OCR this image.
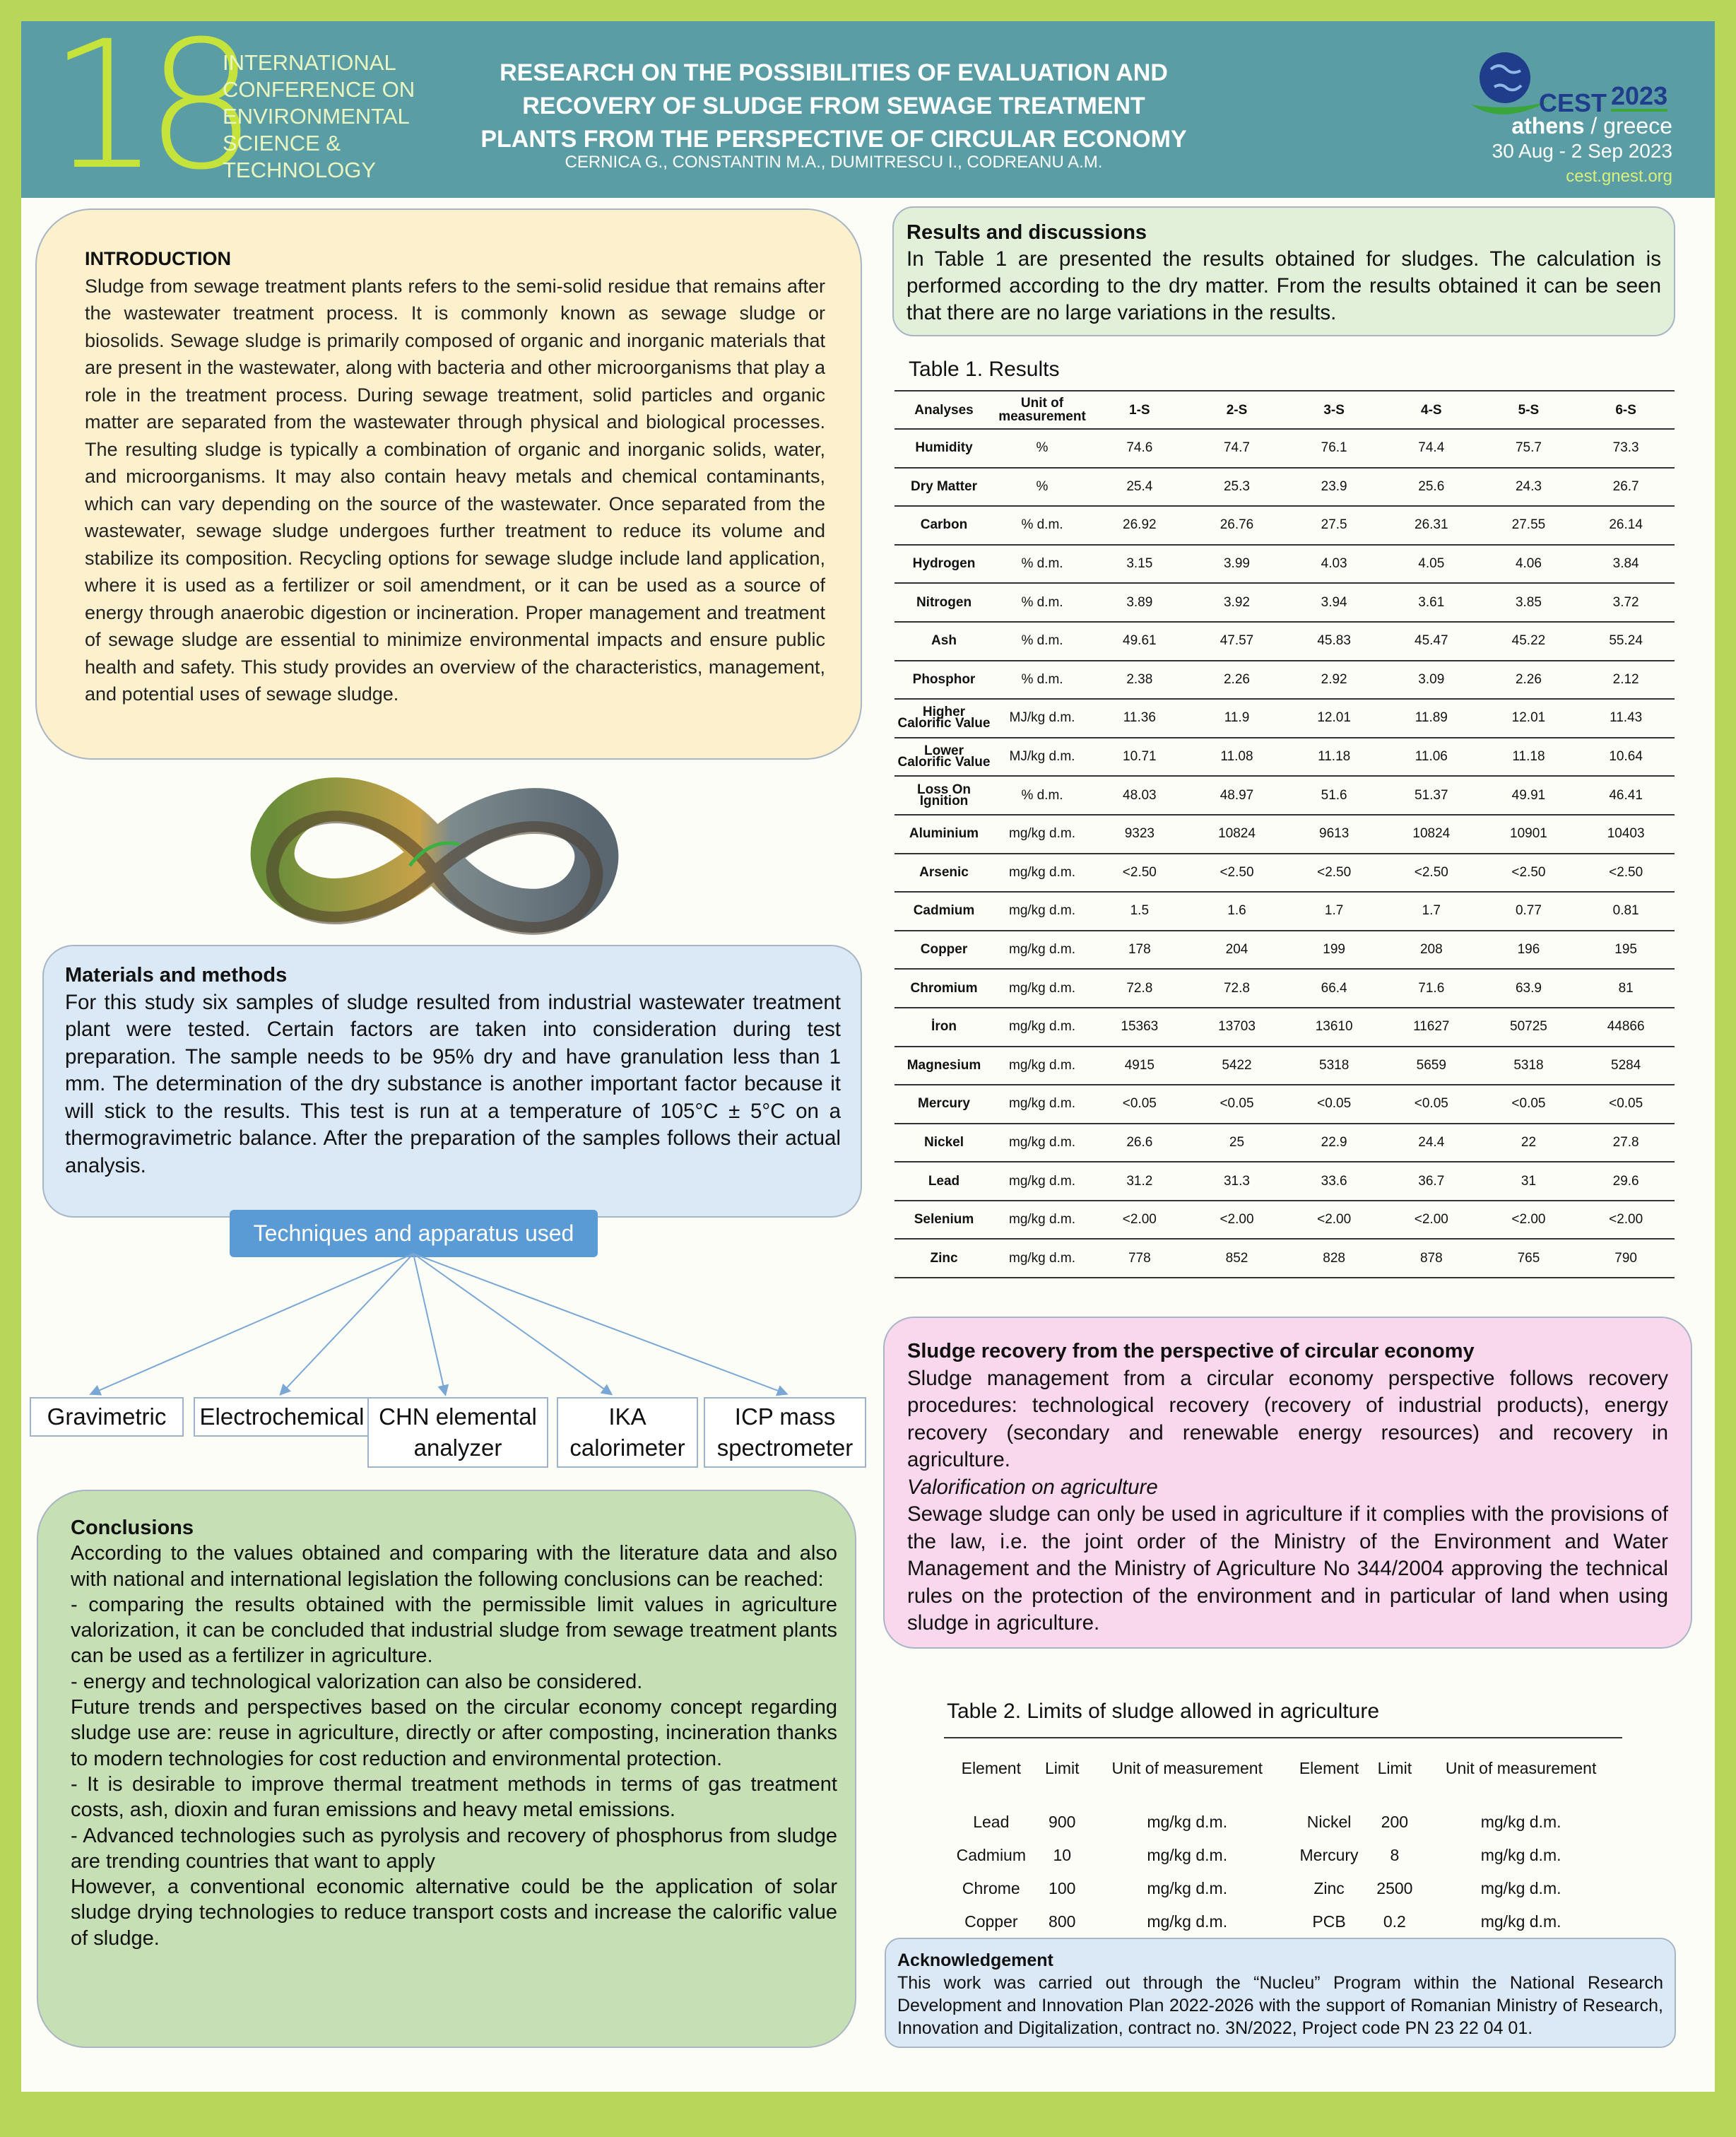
18
INTERNATIONAL
CONFERENCE ON
ENVIRONMENTAL
SCIENCE &
TECHNOLOGY
RESEARCH ON THE POSSIBILITIES OF EVALUATION AND RECOVERY OF SLUDGE FROM SEWAGE TREATMENT PLANTS FROM THE PERSPECTIVE OF CIRCULAR ECONOMY
CERNICA G., CONSTANTIN M.A., DUMITRESCU I., CODREANU A.M.
CEST 2023
athens / greece
30 Aug - 2 Sep 2023
cest.gnest.org
INTRODUCTION

Sludge from sewage treatment plants refers to the semi-solid residue that remains after the wastewater treatment process. It is commonly known as sewage sludge or biosolids. Sewage sludge is primarily composed of organic and inorganic materials that are present in the wastewater, along with bacteria and other microorganisms that play a role in the treatment process. During sewage treatment, solid particles and organic matter are separated from the wastewater through physical and biological processes. The resulting sludge is typically a combination of organic and inorganic solids, water, and microorganisms. It may also contain heavy metals and chemical contaminants, which can vary depending on the source of the wastewater. Once separated from the wastewater, sewage sludge undergoes further treatment to reduce its volume and stabilize its composition. Recycling options for sewage sludge include land application, where it is used as a fertilizer or soil amendment, or it can be used as a source of energy through anaerobic digestion or incineration. Proper management and treatment of sewage sludge are essential to minimize environmental impacts and ensure public health and safety. This study provides an overview of the characteristics, management, and potential uses of sewage sludge.

Materials and methods

For this study six samples of sludge resulted from industrial wastewater treatment plant were tested. Certain factors are taken into consideration during test preparation. The sample needs to be 95% dry and have granulation less than 1 mm. The determination of the dry substance is another important factor because it will stick to the results. This test is run at a temperature of 105°C ± 5°C on a thermogravimetric balance. After the preparation of the samples follows their actual analysis.

Techniques and apparatus used
Gravimetric	Electrochemical CHN elemental analyzer
IKA calorimeter
ICP mass spectrometer
Conclusions

According to the values obtained and comparing with the literature data and also with national and international legislation the following conclusions can be reached:

- comparing the results obtained with the permissible limit values in agriculture valorization, it can be concluded that industrial sludge from sewage treatment plants can be used as a fertilizer in agriculture.

- energy and technological valorization can also be considered.

Future trends and perspectives based on the circular economy concept regarding sludge use are: reuse in agriculture, directly or after composting, incineration thanks to modern technologies for cost reduction and environmental protection.

- It is desirable to improve thermal treatment methods in terms of gas treatment costs, ash, dioxin and furan emissions and heavy metal emissions.

- Advanced technologies such as pyrolysis and recovery of phosphorus from sludge are trending countries that want to apply

However, a conventional economic alternative could be the application of solar sludge drying technologies to reduce transport costs and increase the calorific value of sludge.

Results and discussions

In Table 1 are presented the results obtained for sludges. The calculation is performed according to the dry matter. From the results obtained it can be seen that there are no large variations in the results.

Table 1. Results
Analyses	Unit of measurement	1-S	2-S	3-S	4-S	5-S	6-S
Humidity	%	74.6	74.7	76.1	74.4	75.7	73.3
Dry Matter	%	25.4	25.3	23.9	25.6	24.3	26.7
Carbon	% d.m.	26.92	26.76	27.5	26.31	27.55	26.14
Hydrogen	% d.m.	3.15	3.99	4.03	4.05	4.06	3.84
Nitrogen	% d.m.	3.89	3.92	3.94	3.61	3.85	3.72
Ash	% d.m.	49.61	47.57	45.83	45.47	45.22	55.24
Phosphor	% d.m.	2.38	2.26	2.92	3.09	2.26	2.12
Higher Calorific Value	MJ/kg d.m.	11.36	11.9	12.01	11.89	12.01	11.43
Lower Calorific Value	MJ/kg d.m.	10.71	11.08	11.18	11.06	11.18	10.64
Loss On Ignition	% d.m.	48.03	48.97	51.6	51.37	49.91	46.41
Aluminium	mg/kg d.m.	9323	10824	9613	10824	10901	10403
Arsenic	mg/kg d.m.	<2.50	<2.50	<2.50	<2.50	<2.50	<2.50
Cadmium	mg/kg d.m.	1.5	1.6	1.7	1.7	0.77	0.81
Copper	mg/kg d.m.	178	204	199	208	196	195
Chromium	mg/kg d.m.	72.8	72.8	66.4	71.6	63.9	81
İron	mg/kg d.m.	15363	13703	13610	11627	50725	44866
Magnesium	mg/kg d.m.	4915	5422	5318	5659	5318	5284
Mercury	mg/kg d.m.	<0.05	<0.05	<0.05	<0.05	<0.05	<0.05
Nickel	mg/kg d.m.	26.6	25	22.9	24.4	22	27.8
Lead	mg/kg d.m.	31.2	31.3	33.6	36.7	31	29.6
Selenium	mg/kg d.m.	<2.00	<2.00	<2.00	<2.00	<2.00	<2.00
Zinc	mg/kg d.m.	778	852	828	878	765	790
Sludge recovery from the perspective of circular economy

Sludge management from a circular economy perspective follows recovery procedures: technological recovery (recovery of industrial products), energy recovery (secondary and renewable energy resources) and recovery in agriculture.

Valorification on agriculture

Sewage sludge can only be used in agriculture if it complies with the provisions of the law, i.e. the joint order of the Ministry of the Environment and Water Management and the Ministry of Agriculture No 344/2004 approving the technical rules on the protection of the environment and in particular of land when using sludge in agriculture.

Table 2. Limits of sludge allowed in agriculture
Element	Limit	Unit of measurement	Element	Limit	Unit of measurement
Lead	900	mg/kg d.m.	Nickel	200	mg/kg d.m.
Cadmium	10	mg/kg d.m.	Mercury	8	mg/kg d.m.
Chrome	100	mg/kg d.m.	Zinc	2500	mg/kg d.m.
Copper	800	mg/kg d.m.	PCB	0.2	mg/kg d.m.
Acknowledgement

This work was carried out through the “Nucleu” Program within the National Research Development and Innovation Plan 2022-2026 with the support of Romanian Ministry of Research, Innovation and Digitalization, contract no. 3N/2022, Project code PN 23 22 04 01.
